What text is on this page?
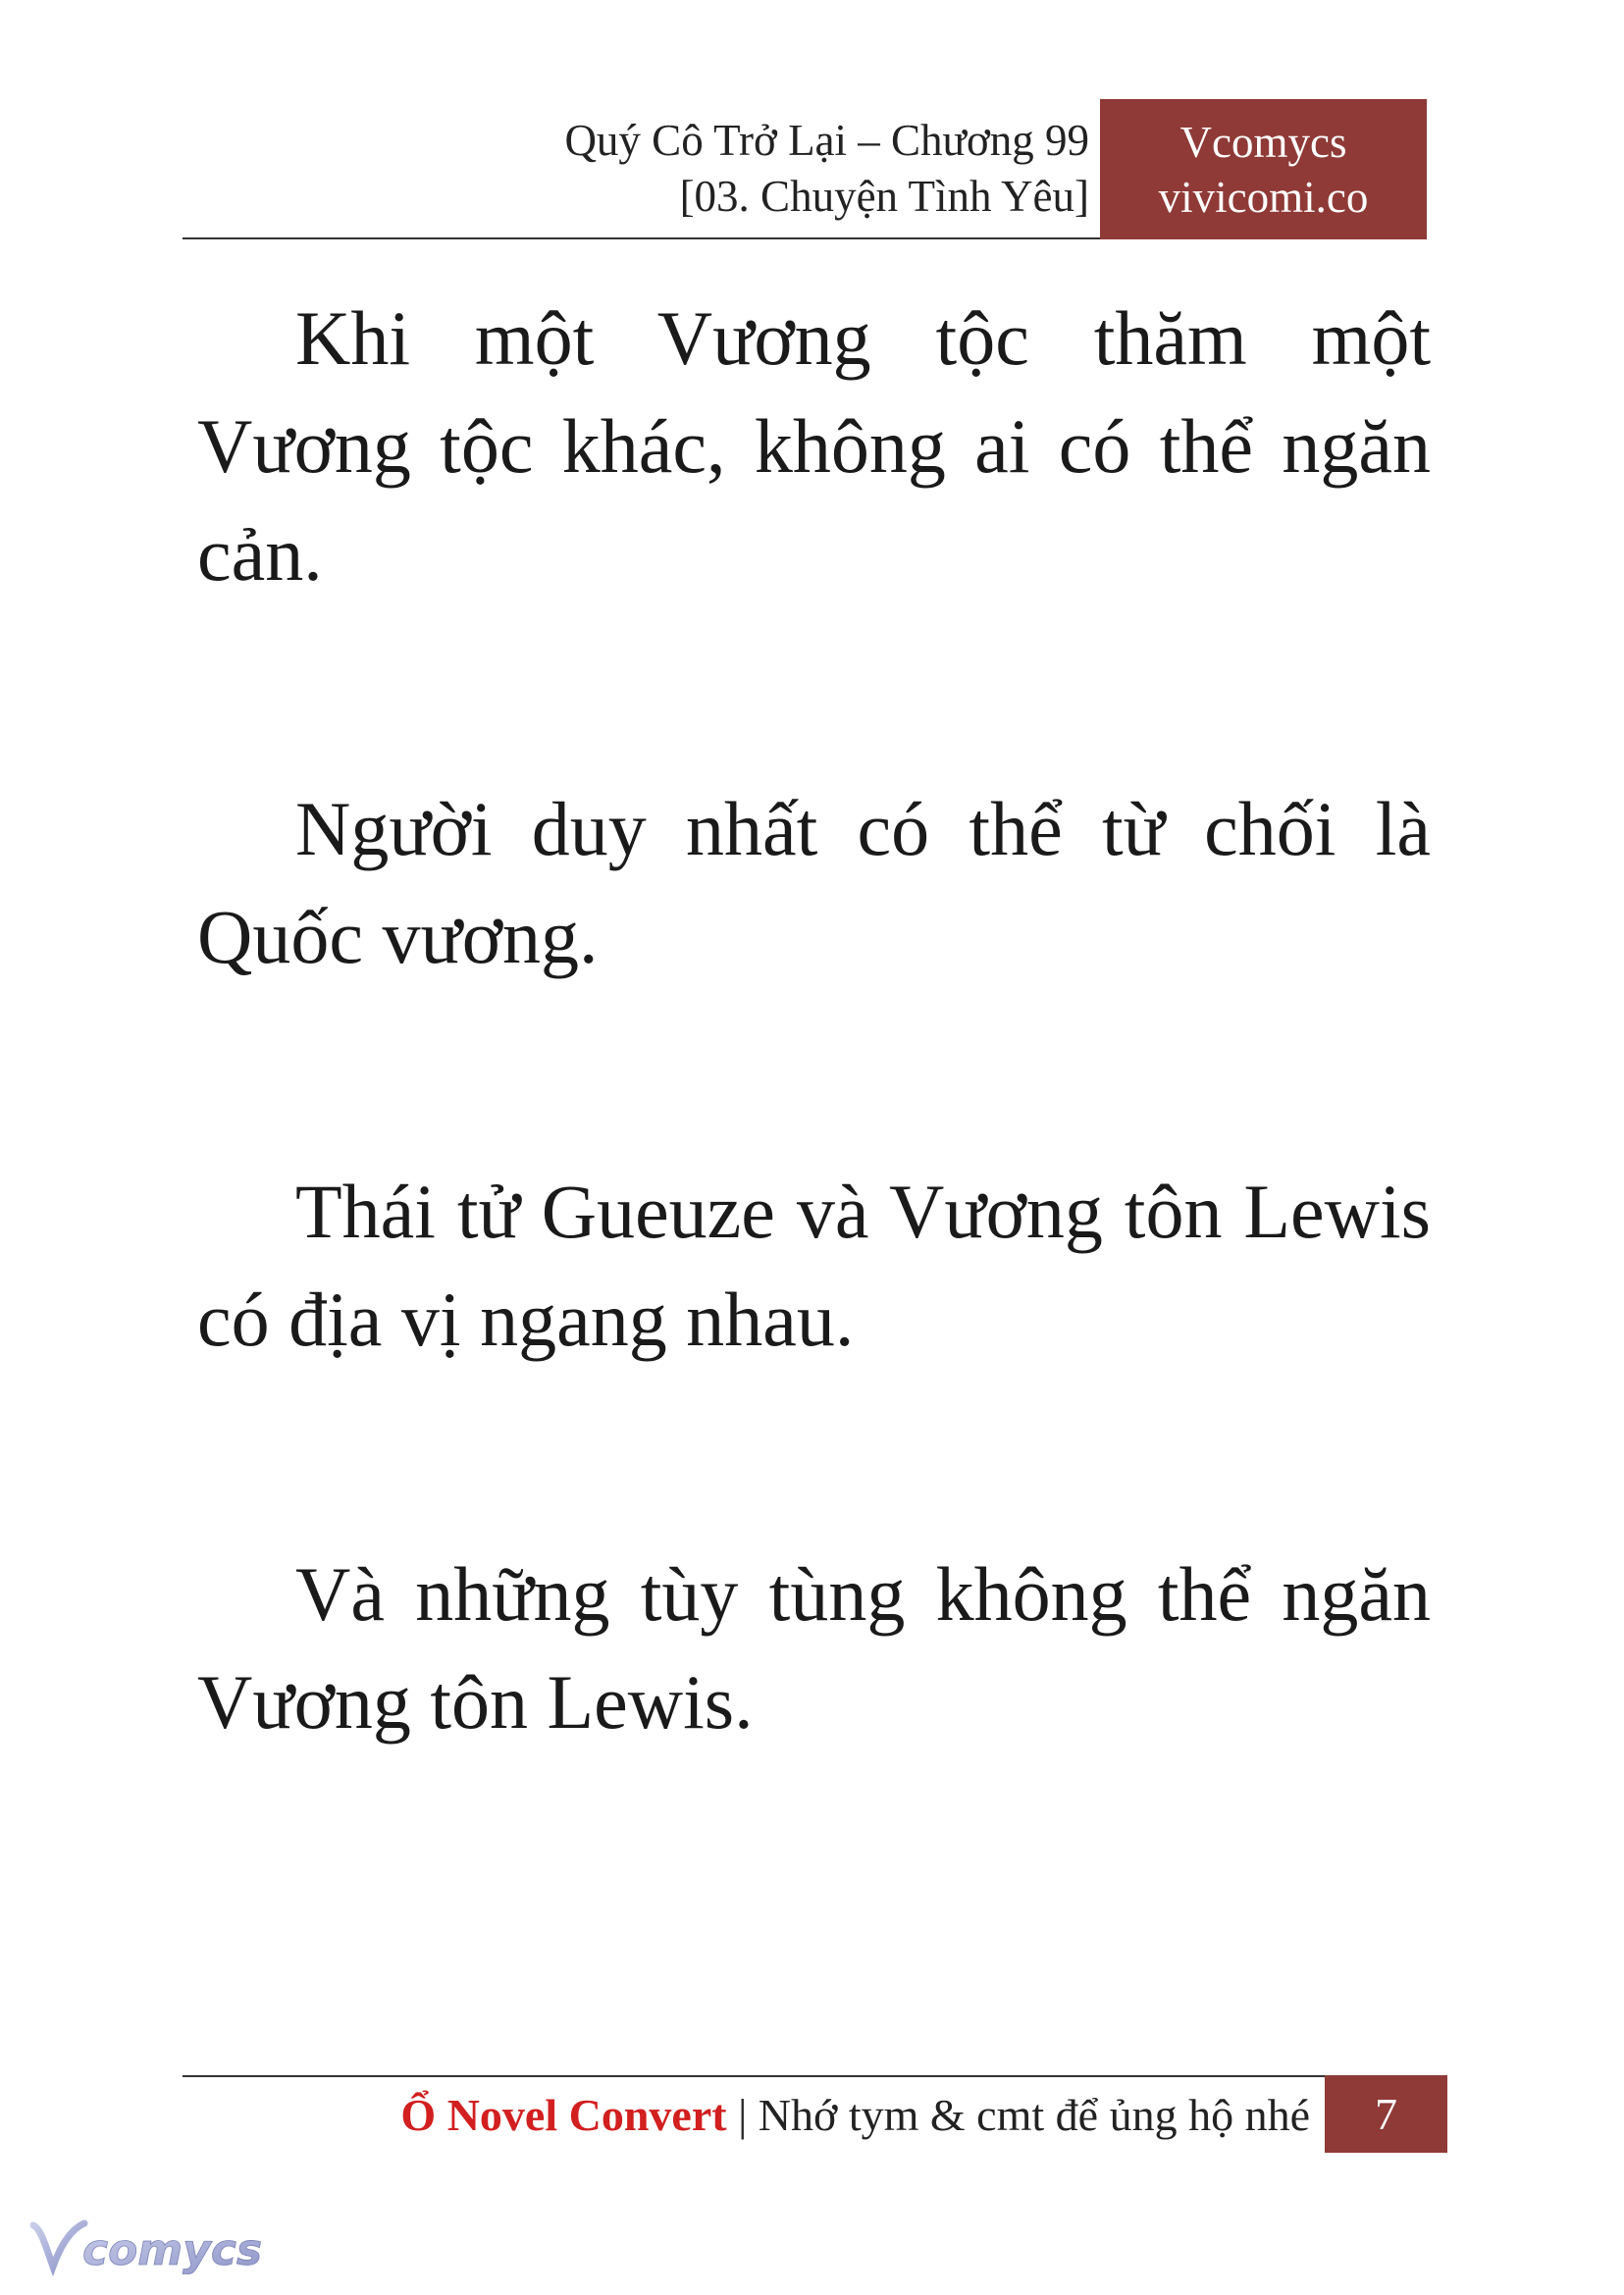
Quý Cô Trở Lại – Chương 99
[03. Chuyện Tình Yêu]
Vcomycs
vivicomi.co

Khi một Vương tộc thăm một Vương tộc khác, không ai có thể ngăn cản.

Người duy nhất có thể từ chối là Quốc vương.

Thái tử Gueuze và Vương tôn Lewis có địa vị ngang nhau.

Và những tùy tùng không thể ngăn Vương tôn Lewis.

Ổ Novel Convert | Nhớ tym & cmt để ủng hộ nhé	7
comycs
